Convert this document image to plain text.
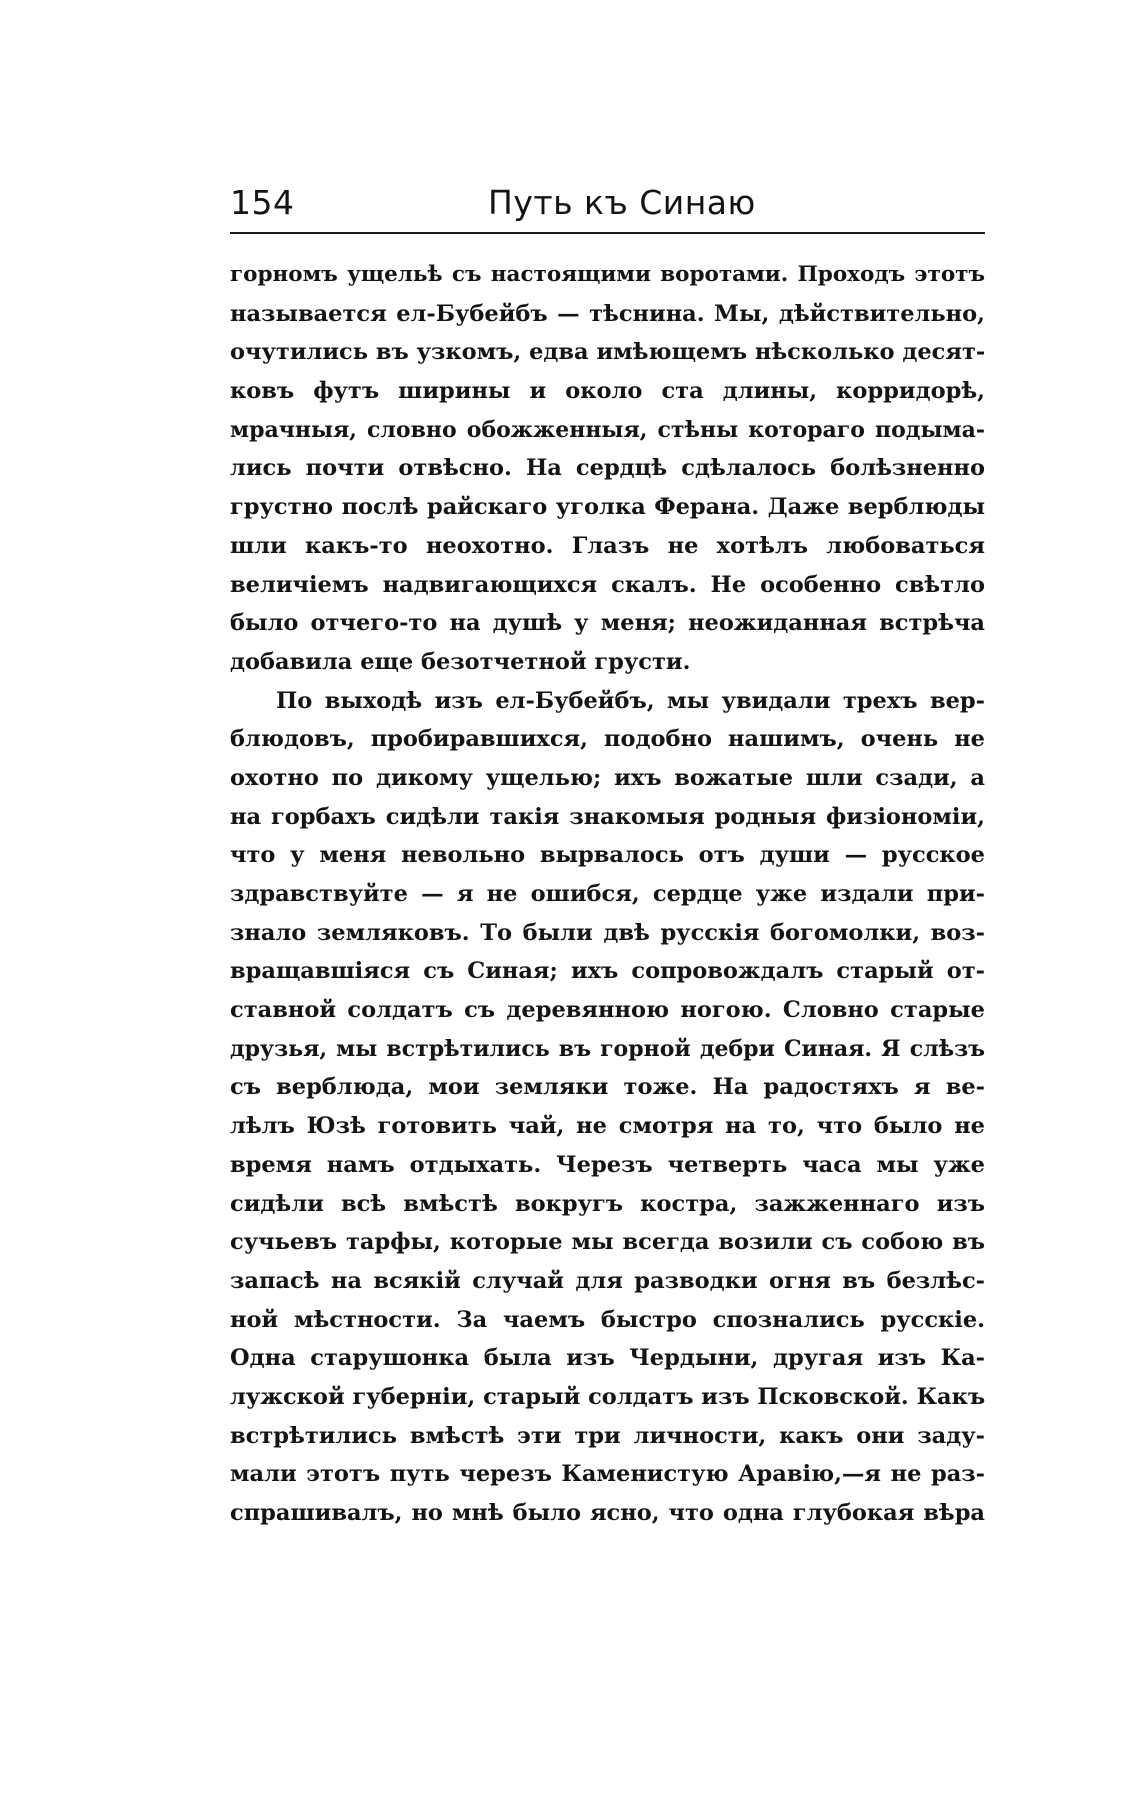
154	Путь къ Синаю
горномъ ущельѣ съ настоящими воротами. Проходъ этотъ
называется ел-Бубейбъ — тѣснина. Мы, дѣйствительно,
очутились въ узкомъ, едва имѣющемъ нѣсколько десят-
ковъ футъ ширины и около ста длины, корридорѣ,
мрачныя, словно обожженныя, стѣны котораго подыма-
лись почти отвѣсно. На сердцѣ сдѣлалось болѣзненно
грустно послѣ райскаго уголка Ферана. Даже верблюды
шли какъ-то неохотно. Глазъ не хотѣлъ любоваться
величіемъ надвигающихся скалъ. Не особенно свѣтло
было отчего-то на душѣ у меня; неожиданная встрѣча
добавила еще безотчетной грусти.
По выходѣ изъ ел-Бубейбъ, мы увидали трехъ вер-
блюдовъ, пробиравшихся, подобно нашимъ, очень не
охотно по дикому ущелью; ихъ вожатые шли сзади, а
на горбахъ сидѣли такія знакомыя родныя физіономіи,
что у меня невольно вырвалось отъ души — русское
здравствуйте — я не ошибся, сердце уже издали при-
знало земляковъ. То были двѣ русскія богомолки, воз-
вращавшіяся съ Синая; ихъ сопровождалъ старый от-
ставной солдатъ съ деревянною ногою. Словно старые
друзья, мы встрѣтились въ горной дебри Синая. Я слѣзъ
съ верблюда, мои земляки тоже. На радостяхъ я ве-
лѣлъ Юзѣ готовить чай, не смотря на то, что было не
время намъ отдыхать. Черезъ четверть часа мы уже
сидѣли всѣ вмѣстѣ вокругъ костра, зажженнаго изъ
сучьевъ тарфы, которые мы всегда возили съ собою въ
запасѣ на всякій случай для разводки огня въ безлѣс-
ной мѣстности. За чаемъ быстро спознались русскіе.
Одна старушонка была изъ Чердыни, другая изъ Ка-
лужской губерніи, старый солдатъ изъ Псковской. Какъ
встрѣтились вмѣстѣ эти три личности, какъ они заду-
мали этотъ путь черезъ Каменистую Аравію,—я не раз-
спрашивалъ, но мнѣ было ясно, что одна глубокая вѣра
